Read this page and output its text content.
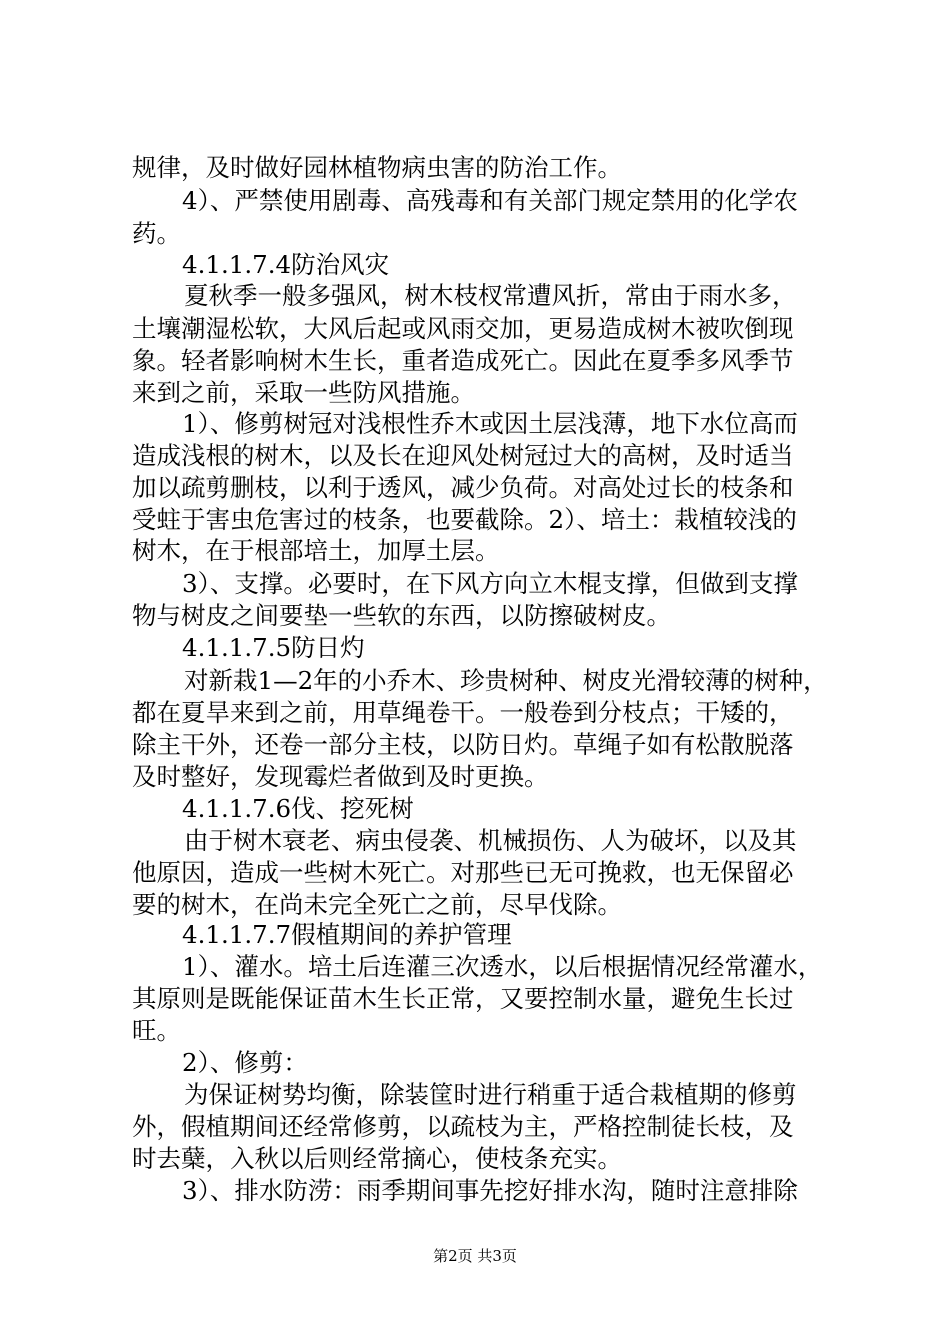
规律，及时做好园林植物病虫害的防治工作。
4）、严禁使用剧毒、高残毒和有关部门规定禁用的化学农
药。
4.1.1.7.4防治风灾
夏秋季一般多强风，树木枝杈常遭风折，常由于雨水多，
土壤潮湿松软，大风后起或风雨交加，更易造成树木被吹倒现
象。轻者影响树木生长，重者造成死亡。因此在夏季多风季节
来到之前，采取一些防风措施。
1）、修剪树冠对浅根性乔木或因土层浅薄，地下水位高而
造成浅根的树木，以及长在迎风处树冠过大的高树，及时适当
加以疏剪删枝，以利于透风，减少负荷。对高处过长的枝条和
受蛀于害虫危害过的枝条，也要截除。2）、培土：栽植较浅的
树木，在于根部培土，加厚土层。
3）、支撑。必要时，在下风方向立木棍支撑，但做到支撑
物与树皮之间要垫一些软的东西，以防擦破树皮。
4.1.1.7.5防日灼
对新栽1—2年的小乔木、珍贵树种、树皮光滑较薄的树种，
都在夏旱来到之前，用草绳卷干。一般卷到分枝点；干矮的，
除主干外，还卷一部分主枝，以防日灼。草绳子如有松散脱落
及时整好，发现霉烂者做到及时更换。
4.1.1.7.6伐、挖死树
由于树木衰老、病虫侵袭、机械损伤、人为破坏，以及其
他原因，造成一些树木死亡。对那些已无可挽救，也无保留必
要的树木，在尚未完全死亡之前，尽早伐除。
4.1.1.7.7假植期间的养护管理
1）、灌水。培土后连灌三次透水，以后根据情况经常灌水，
其原则是既能保证苗木生长正常，又要控制水量，避免生长过
旺。
2）、修剪：
为保证树势均衡，除装筐时进行稍重于适合栽植期的修剪
外，假植期间还经常修剪，以疏枝为主，严格控制徒长枝，及
时去蘖，入秋以后则经常摘心，使枝条充实。
3）、排水防涝：雨季期间事先挖好排水沟，随时注意排除
第2页 共3页
